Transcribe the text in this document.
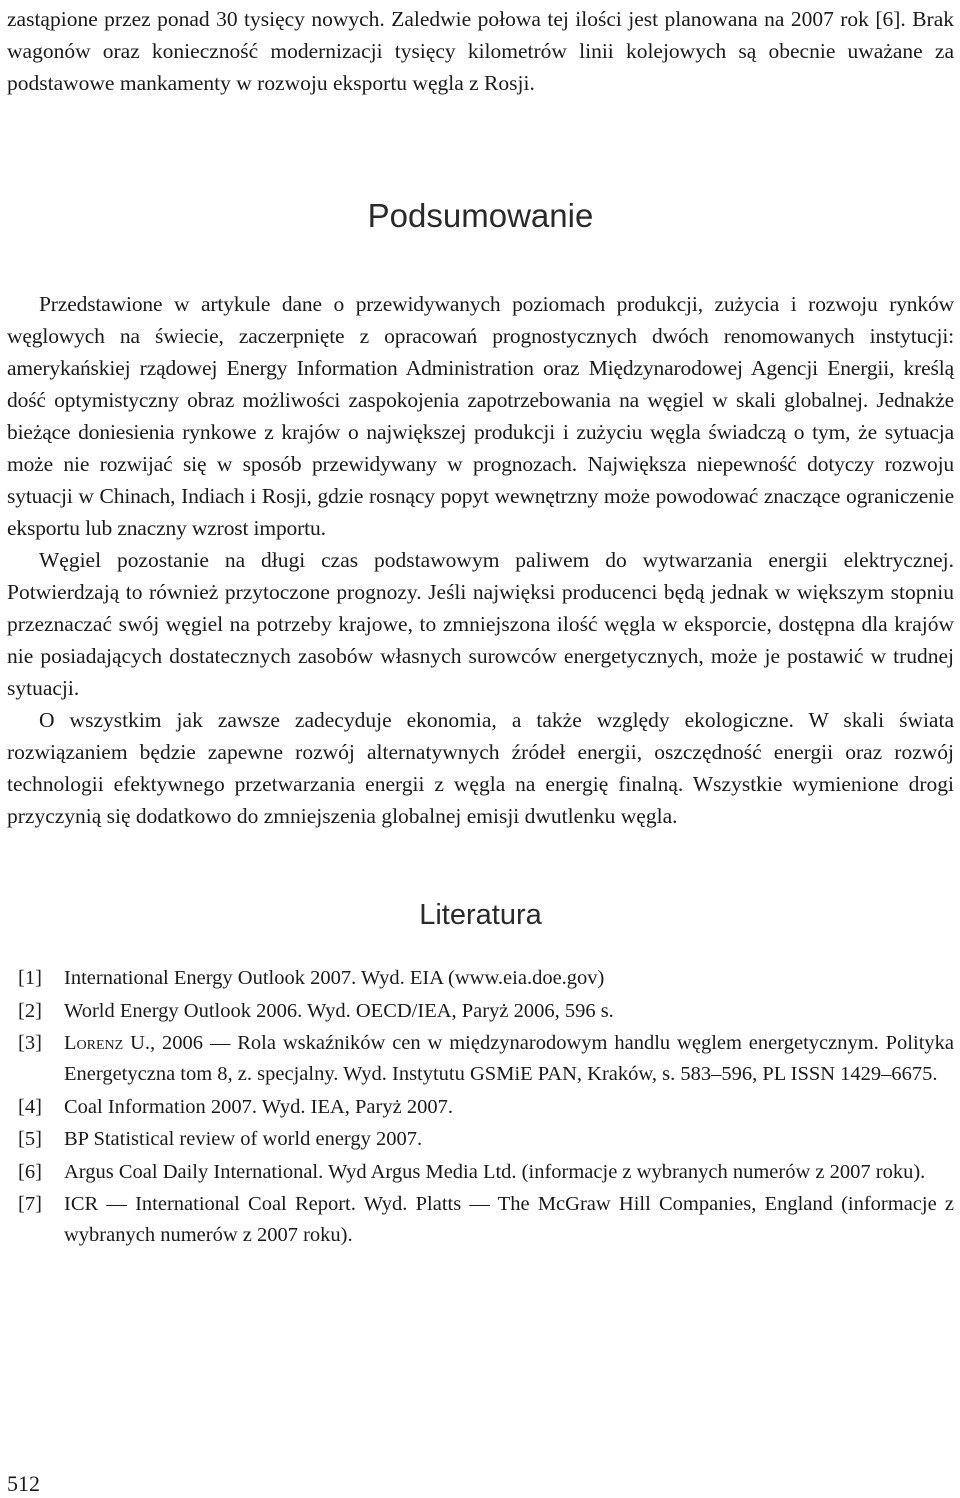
zastąpione przez ponad 30 tysięcy nowych. Zaledwie połowa tej ilości jest planowana na 2007 rok [6]. Brak wagonów oraz konieczność modernizacji tysięcy kilometrów linii kolejowych są obecnie uważane za podstawowe mankamenty w rozwoju eksportu węgla z Rosji.

Podsumowanie

Przedstawione w artykule dane o przewidywanych poziomach produkcji, zużycia i rozwoju rynków węglowych na świecie, zaczerpnięte z opracowań prognostycznych dwóch renomowanych instytucji: amerykańskiej rządowej Energy Information Administration oraz Międzynarodowej Agencji Energii, kreślą dość optymistyczny obraz możliwości zaspokojenia zapotrzebowania na węgiel w skali globalnej. Jednakże bieżące doniesienia rynkowe z krajów o największej produkcji i zużyciu węgla świadczą o tym, że sytuacja może nie rozwijać się w sposób przewidywany w prognozach. Największa niepewność dotyczy rozwoju sytuacji w Chinach, Indiach i Rosji, gdzie rosnący popyt wewnętrzny może powodować znaczące ograniczenie eksportu lub znaczny wzrost importu.

Węgiel pozostanie na długi czas podstawowym paliwem do wytwarzania energii elektrycznej. Potwierdzają to również przytoczone prognozy. Jeśli najwięksi producenci będą jednak w większym stopniu przeznaczać swój węgiel na potrzeby krajowe, to zmniejszona ilość węgla w eksporcie, dostępna dla krajów nie posiadających dostatecznych zasobów własnych surowców energetycznych, może je postawić w trudnej sytuacji.

O wszystkim jak zawsze zadecyduje ekonomia, a także względy ekologiczne. W skali świata rozwiązaniem będzie zapewne rozwój alternatywnych źródeł energii, oszczędność energii oraz rozwój technologii efektywnego przetwarzania energii z węgla na energię finalną. Wszystkie wymienione drogi przyczynią się dodatkowo do zmniejszenia globalnej emisji dwutlenku węgla.

Literatura
[1]	International Energy Outlook 2007. Wyd. EIA (www.eia.doe.gov)
[2]	World Energy Outlook 2006. Wyd. OECD/IEA, Paryż 2006, 596 s.
[3]	Lorenz U., 2006 — Rola wskaźników cen w międzynarodowym handlu węglem energetycznym. Polityka Energetyczna tom 8, z. specjalny. Wyd. Instytutu GSMiE PAN, Kraków, s. 583–596, PL ISSN 1429–6675.
[4]	Coal Information 2007. Wyd. IEA, Paryż 2007.
[5]	BP Statistical review of world energy 2007.
[6]	Argus Coal Daily International. Wyd Argus Media Ltd. (informacje z wybranych numerów z 2007 roku).
[7]	ICR — International Coal Report. Wyd. Platts — The McGraw Hill Companies, England (informacje z wybranych numerów z 2007 roku).
512
